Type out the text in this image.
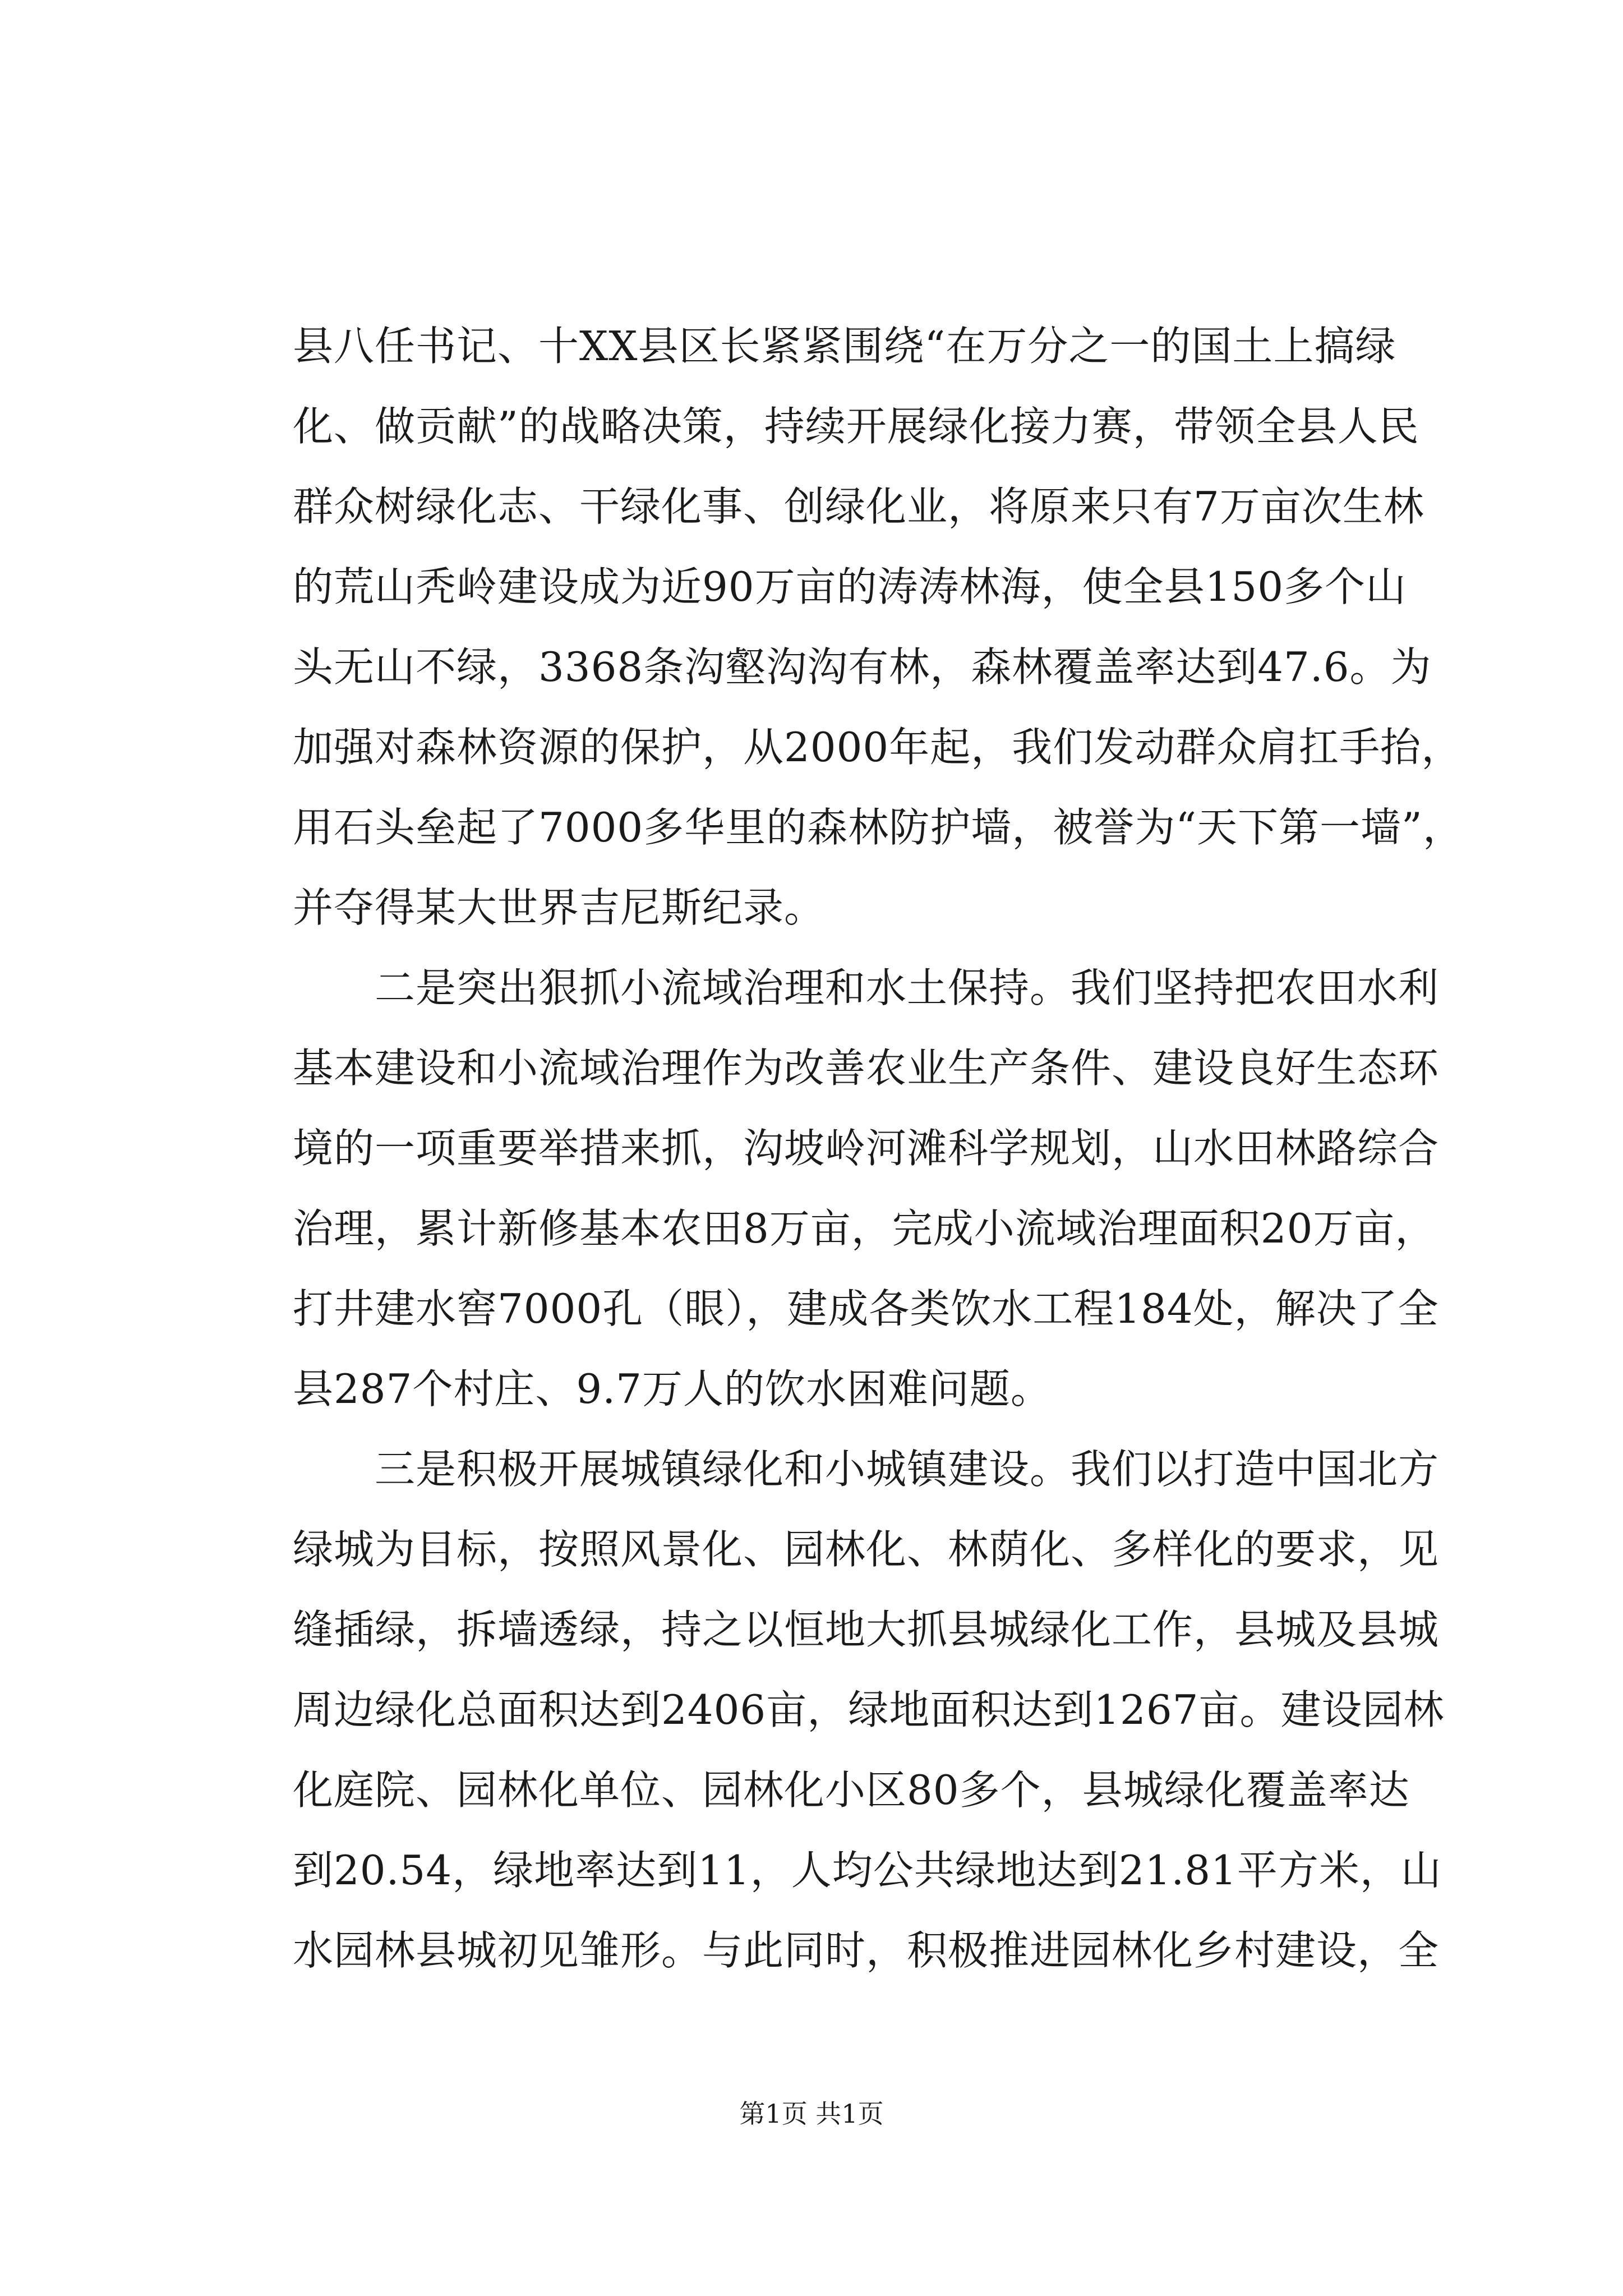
县八任书记、十XX县区长紧紧围绕“在万分之一的国土上搞绿
化、做贡献”的战略决策，持续开展绿化接力赛，带领全县人民
群众树绿化志、干绿化事、创绿化业，将原来只有7万亩次生林
的荒山秃岭建设成为近90万亩的涛涛林海，使全县150多个山
头无山不绿，3368条沟壑沟沟有林，森林覆盖率达到47.6。为
加强对森林资源的保护，从2000年起，我们发动群众肩扛手抬，
用石头垒起了7000多华里的森林防护墙，被誉为“天下第一墙”，
并夺得某大世界吉尼斯纪录。
　　二是突出狠抓小流域治理和水土保持。我们坚持把农田水利
基本建设和小流域治理作为改善农业生产条件、建设良好生态环
境的一项重要举措来抓，沟坡岭河滩科学规划，山水田林路综合
治理，累计新修基本农田8万亩，完成小流域治理面积20万亩，
打井建水窖7000孔（眼），建成各类饮水工程184处，解决了全
县287个村庄、9.7万人的饮水困难问题。
　　三是积极开展城镇绿化和小城镇建设。我们以打造中国北方
绿城为目标，按照风景化、园林化、林荫化、多样化的要求，见
缝插绿，拆墙透绿，持之以恒地大抓县城绿化工作，县城及县城
周边绿化总面积达到2406亩，绿地面积达到1267亩。建设园林
化庭院、园林化单位、园林化小区80多个，县城绿化覆盖率达
到20.54，绿地率达到11，人均公共绿地达到21.81平方米，山
水园林县城初见雏形。与此同时，积极推进园林化乡村建设，全
第1页 共1页
